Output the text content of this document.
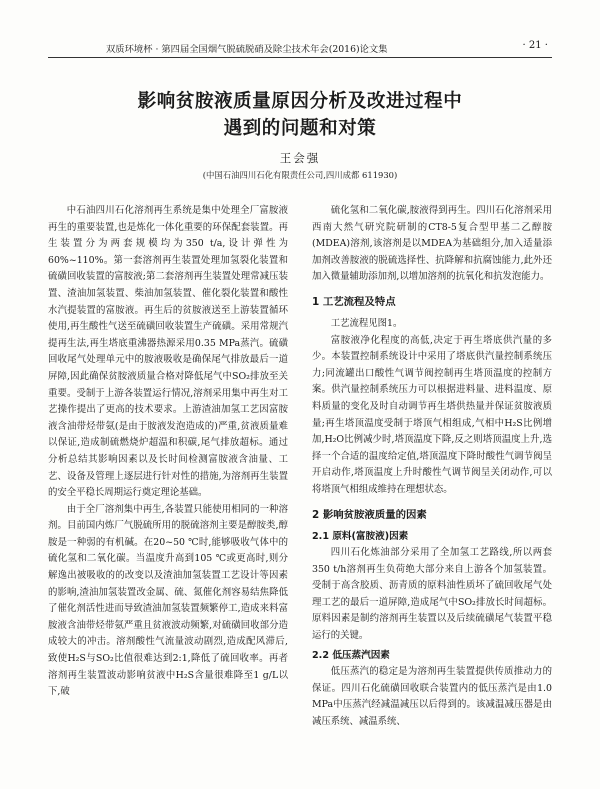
双质环境杯 · 第四届全国烟气脱硫脱硝及除尘技术年会(2016)论文集	· 21 ·
影响贫胺液质量原因分析及改进过程中
遇到的问题和对策
王会强
(中国石油四川石化有限责任公司,四川成都 611930)

中石油四川石化溶剂再生系统是集中处理全厂富胺液再生的重要装置,也是炼化一体化重要的环保配套装置。再生装置分为两套规模均为350 t/a,设计弹性为60%~110%。第一套溶剂再生装置处理加氢裂化装置和硫磺回收装置的富胺液;第二套溶剂再生装置处理常减压装置、渣油加氢装置、柴油加氢装置、催化裂化装置和酸性水汽提装置的富胺液。再生后的贫胺液送至上游装置循环使用,再生酸性气送至硫磺回收装置生产硫磺。采用常规汽提再生法,再生塔底重沸器热源采用0.35 MPa蒸汽。硫磺回收尾气处理单元中的胺液吸收是确保尾气排放最后一道屏障,因此确保贫胺液质量合格对降低尾气中SO₂排放至关重要。受制于上游各装置运行情况,溶剂采用集中再生对工艺操作提出了更高的技术要求。上游渣油加氢工艺因富胺液含油带烃带氨(是由于胺液发泡造成的)严重,贫液质量难以保证,造成制硫燃烧炉超温和积碳,尾气排放超标。通过分析总结其影响因素以及长时间检测富胺液含油量、工艺、设备及管理上逐层进行针对性的措施,为溶剂再生装置的安全平稳长周期运行奠定理论基础。

由于全厂溶剂集中再生,各装置只能使用相同的一种溶剂。目前国内炼厂气脱硫所用的脱硫溶剂主要是醇胺类,醇胺是一种弱的有机碱。在20~50 ℃时,能够吸收气体中的硫化氢和二氧化碳。当温度升高到105 ℃或更高时,则分解逸出被吸收的的改变以及渣油加氢装置工艺设计等因素的影响,渣油加氢装置改金属、硫、氮催化剂容易结焦降低了催化剂活性进而导致渣油加氢装置频繁停工,造成来料富胺液含油带烃带氨严重且贫液波动频繁,对硫磺回收部分造成较大的冲击。溶剂酸性气流量波动剧烈,造成配风滞后,致使H₂S与SO₂比值很难达到2:1,降低了硫回收率。再者溶剂再生装置波动影响贫液中H₂S含量很难降至1 g/L以下,破

硫化氢和二氧化碳,胺液得到再生。四川石化溶剂采用西南大然气研究院研制的CT8-5复合型甲基二乙醇胺(MDEA)溶剂,该溶剂是以MDEA为基础组分,加入适量添加剂改善胺液的脱硫选择性、抗降解和抗腐蚀能力,此外还加入微量辅助添加剂,以增加溶剂的抗氧化和抗发泡能力。

1 工艺流程及特点

工艺流程见图1。

富胺液净化程度的高低,决定于再生塔底供汽量的多少。本装置控制系统设计中采用了塔底供汽量控制系统压力;同流罐出口酸性气调节阀控制再生塔顶温度的控制方案。供汽量控制系统压力可以根据进料量、进料温度、原料质量的变化及时自动调节再生塔供热量并保证贫胺液质量;再生塔顶温度受制于塔顶气相组成,气相中H₂S比例增加,H₂O比例减少时,塔顶温度下降,反之则塔顶温度上升,选择一个合适的温度给定值,塔顶温度下降时酸性气调节阀呈开启动作,塔顶温度上升时酸性气调节阀呈关闭动作,可以将塔顶气相组成维持在理想状态。

2 影响贫胺液质量的因素
2.1 原料(富胺液)因素

四川石化炼油部分采用了全加氢工艺路线,所以两套350 t/h溶剂再生负荷绝大部分来自上游各个加氢装置。受制于高含胶质、沥青质的原料油性质坏了硫回收尾气处理工艺的最后一道屏障,造成尾气中SO₂排放长时间超标。原料因素是制约溶剂再生装置以及后续硫磺尾气装置平稳运行的关键。

2.2 低压蒸汽因素

低压蒸汽的稳定是为溶剂再生装置提供传质推动力的保证。四川石化硫磺回收联合装置内的低压蒸汽是由1.0 MPa中压蒸汽经减温减压以后得到的。该减温减压器是由减压系统、减温系统、
